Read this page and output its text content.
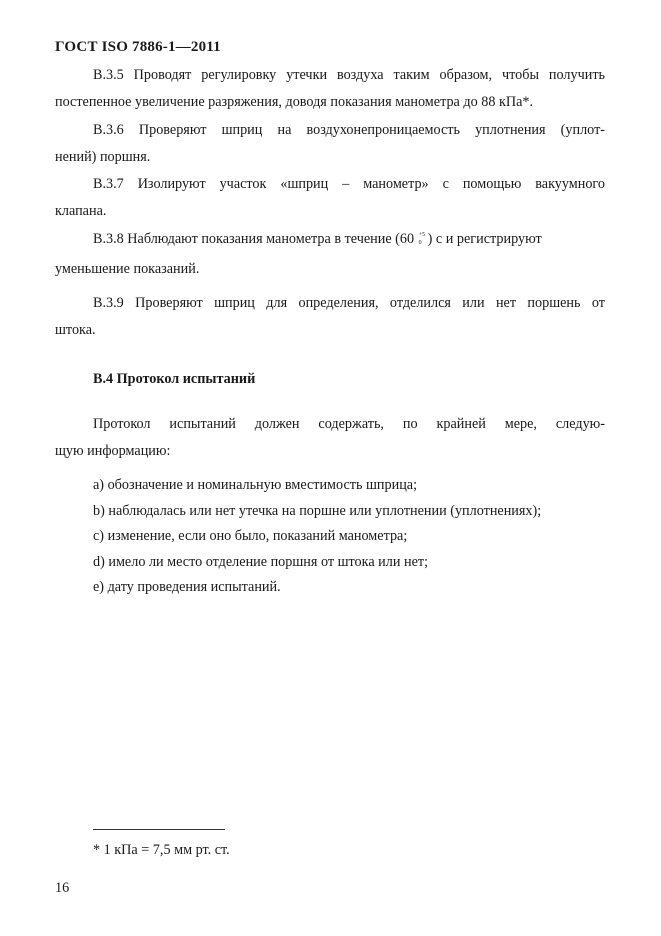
ГОСТ ISO 7886-1—2011
В.3.5 Проводят регулировку утечки воздуха таким образом, чтобы получить
постепенное увеличение разряжения, доводя показания манометра до 88 кПа*.
В.3.6 Проверяют шприц на воздухонепроницаемость уплотнения (уплот-
нений) поршня.
В.3.7 Изолируют участок «шприц – манометр» с помощью вакуумного
клапана.
В.3.8 Наблюдают показания манометра в течение (60 +5
0 ) с и регистрируют
уменьшение показаний.
В.3.9 Проверяют шприц для определения, отделился или нет поршень от
штока.
В.4 Протокол испытаний
Протокол испытаний должен содержать, по крайней мере, следую-
щую информацию:
a) обозначение и номинальную вместимость шприца;
b) наблюдалась или нет утечка на поршне или уплотнении (уплотнениях);
c) изменение, если оно было, показаний манометра;
d) имело ли место отделение поршня от штока или нет;
e) дату проведения испытаний.
* 1 кПа = 7,5 мм рт. ст.
16
